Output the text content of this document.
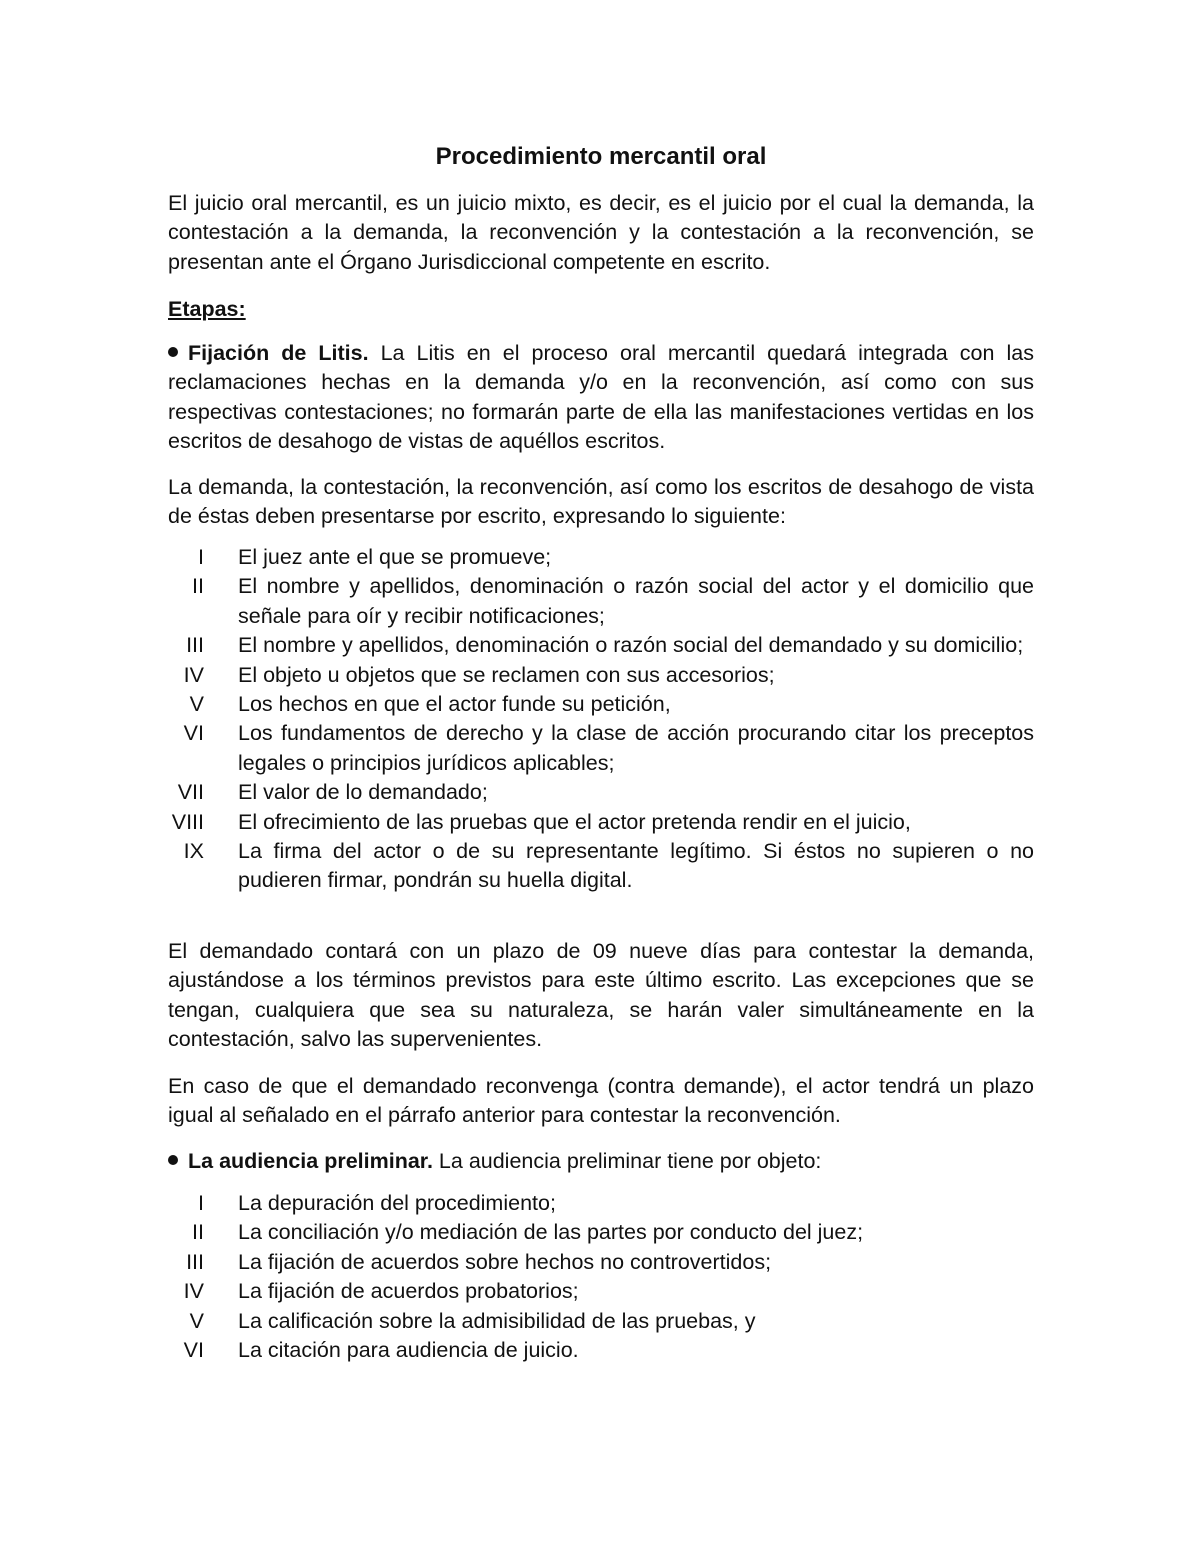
Procedimiento mercantil oral
El juicio oral mercantil, es un juicio mixto, es decir, es el juicio por el cual la demanda, la contestación a la demanda, la reconvención y la contestación a la reconvención, se presentan ante el Órgano Jurisdiccional competente en escrito.
Etapas:
Fijación de Litis. La Litis en el proceso oral mercantil quedará integrada con las reclamaciones hechas en la demanda y/o en la reconvención, así como con sus respectivas contestaciones; no formarán parte de ella las manifestaciones vertidas en los escritos de desahogo de vistas de aquéllos escritos.
La demanda, la contestación, la reconvención, así como los escritos de desahogo de vista de éstas deben presentarse por escrito, expresando lo siguiente:
I El juez ante el que se promueve;
II El nombre y apellidos, denominación o razón social del actor y el domicilio que señale para oír y recibir notificaciones;
III El nombre y apellidos, denominación o razón social del demandado y su domicilio;
IV El objeto u objetos que se reclamen con sus accesorios;
V Los hechos en que el actor funde su petición,
VI Los fundamentos de derecho y la clase de acción procurando citar los preceptos legales o principios jurídicos aplicables;
VII El valor de lo demandado;
VIII El ofrecimiento de las pruebas que el actor pretenda rendir en el juicio,
IX La firma del actor o de su representante legítimo. Si éstos no supieren o no pudieren firmar, pondrán su huella digital.
El demandado contará con un plazo de 09 nueve días para contestar la demanda, ajustándose a los términos previstos para este último escrito. Las excepciones que se tengan, cualquiera que sea su naturaleza, se harán valer simultáneamente en la contestación, salvo las supervenientes.
En caso de que el demandado reconvenga (contra demande), el actor tendrá un plazo igual al señalado en el párrafo anterior para contestar la reconvención.
La audiencia preliminar. La audiencia preliminar tiene por objeto:
I La depuración del procedimiento;
II La conciliación y/o mediación de las partes por conducto del juez;
III La fijación de acuerdos sobre hechos no controvertidos;
IV La fijación de acuerdos probatorios;
V La calificación sobre la admisibilidad de las pruebas, y
VI La citación para audiencia de juicio.
